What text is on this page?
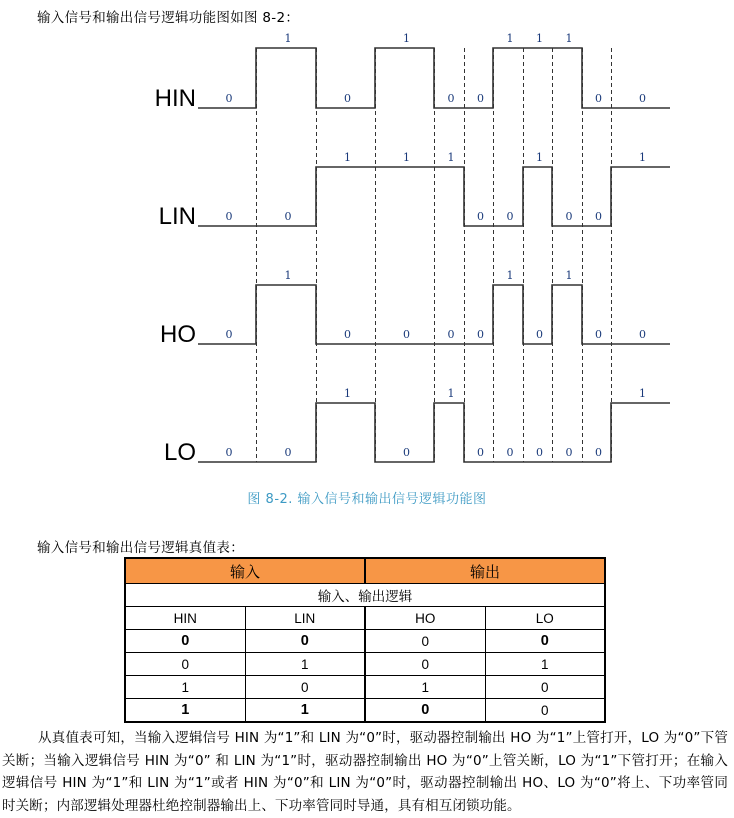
输入信号和输出信号逻辑功能图如图 8-2：
HIN	0
1
0
1
0 0
1 1 1
0	0
LIN	0	0
1	1	1
0 0
1
0 0
1
HO	0
1
0	0	0 0
1
0
1
0	0
LO	0	0
1
0
1
0 0 0 0 0
1
图 8-2. 输入信号和输出信号逻辑功能图
输入信号和输出信号逻辑真值表：
输入		输出	
输入、输出逻辑			
HIN	LIN	HO	LO
0	0	0	0
0	1	0	1
1	0	1	0
1	1	0	0

从真值表可知，当输入逻辑信号 HIN 为“1”和 LIN 为“0”时，驱动器控制输出 HO 为“1”上管打开，LO 为“0”下管关断；当输入逻辑信号 HIN 为“0” 和 LIN 为“1”时，驱动器控制输出 HO 为“0”上管关断，LO 为“1”下管打开；在输入逻辑信号 HIN 为“1”和 LIN 为“1”或者 HIN 为“0”和 LIN 为“0”时，驱动器控制输出 HO、LO 为“0”将上、下功率管同时关断；内部逻辑处理器杜绝控制器输出上、下功率管同时导通，具有相互闭锁功能。
